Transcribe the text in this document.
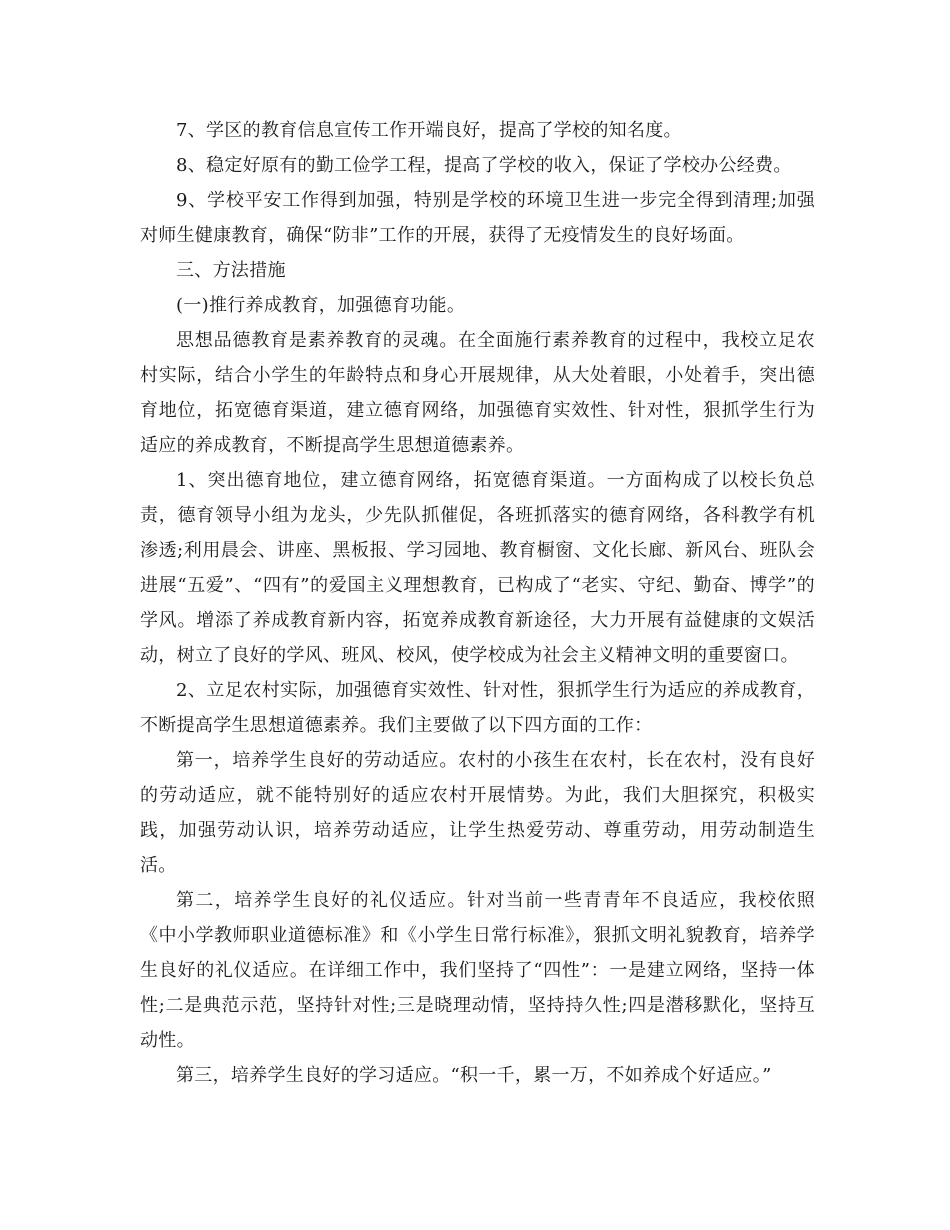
7、学区的教育信息宣传工作开端良好，提高了学校的知名度。

8、稳定好原有的勤工俭学工程，提高了学校的收入，保证了学校办公经费。

9、学校平安工作得到加强，特别是学校的环境卫生进一步完全得到清理;加强对师生健康教育，确保“防非”工作的开展，获得了无疫情发生的良好场面。

三、方法措施

(一)推行养成教育，加强德育功能。

思想品德教育是素养教育的灵魂。在全面施行素养教育的过程中，我校立足农村实际，结合小学生的年龄特点和身心开展规律，从大处着眼，小处着手，突出德育地位，拓宽德育渠道，建立德育网络，加强德育实效性、针对性，狠抓学生行为适应的养成教育，不断提高学生思想道德素养。

1、突出德育地位，建立德育网络，拓宽德育渠道。一方面构成了以校长负总责，德育领导小组为龙头，少先队抓催促，各班抓落实的德育网络，各科教学有机渗透;利用晨会、讲座、黑板报、学习园地、教育橱窗、文化长廊、新风台、班队会进展“五爱”、“四有”的爱国主义理想教育，已构成了“老实、守纪、勤奋、博学”的学风。增添了养成教育新内容，拓宽养成教育新途径，大力开展有益健康的文娱活动，树立了良好的学风、班风、校风，使学校成为社会主义精神文明的重要窗口。

2、立足农村实际，加强德育实效性、针对性，狠抓学生行为适应的养成教育，不断提高学生思想道德素养。我们主要做了以下四方面的工作：

第一，培养学生良好的劳动适应。农村的小孩生在农村，长在农村，没有良好的劳动适应，就不能特别好的适应农村开展情势。为此，我们大胆探究，积极实践，加强劳动认识，培养劳动适应，让学生热爱劳动、尊重劳动，用劳动制造生活。

第二，培养学生良好的礼仪适应。针对当前一些青青年不良适应，我校依照《中小学教师职业道德标准》和《小学生日常行标准》，狠抓文明礼貌教育，培养学生良好的礼仪适应。在详细工作中，我们坚持了“四性”：一是建立网络，坚持一体性;二是典范示范，坚持针对性;三是晓理动情，坚持持久性;四是潜移默化，坚持互动性。

第三，培养学生良好的学习适应。“积一千，累一万，不如养成个好适应。”
